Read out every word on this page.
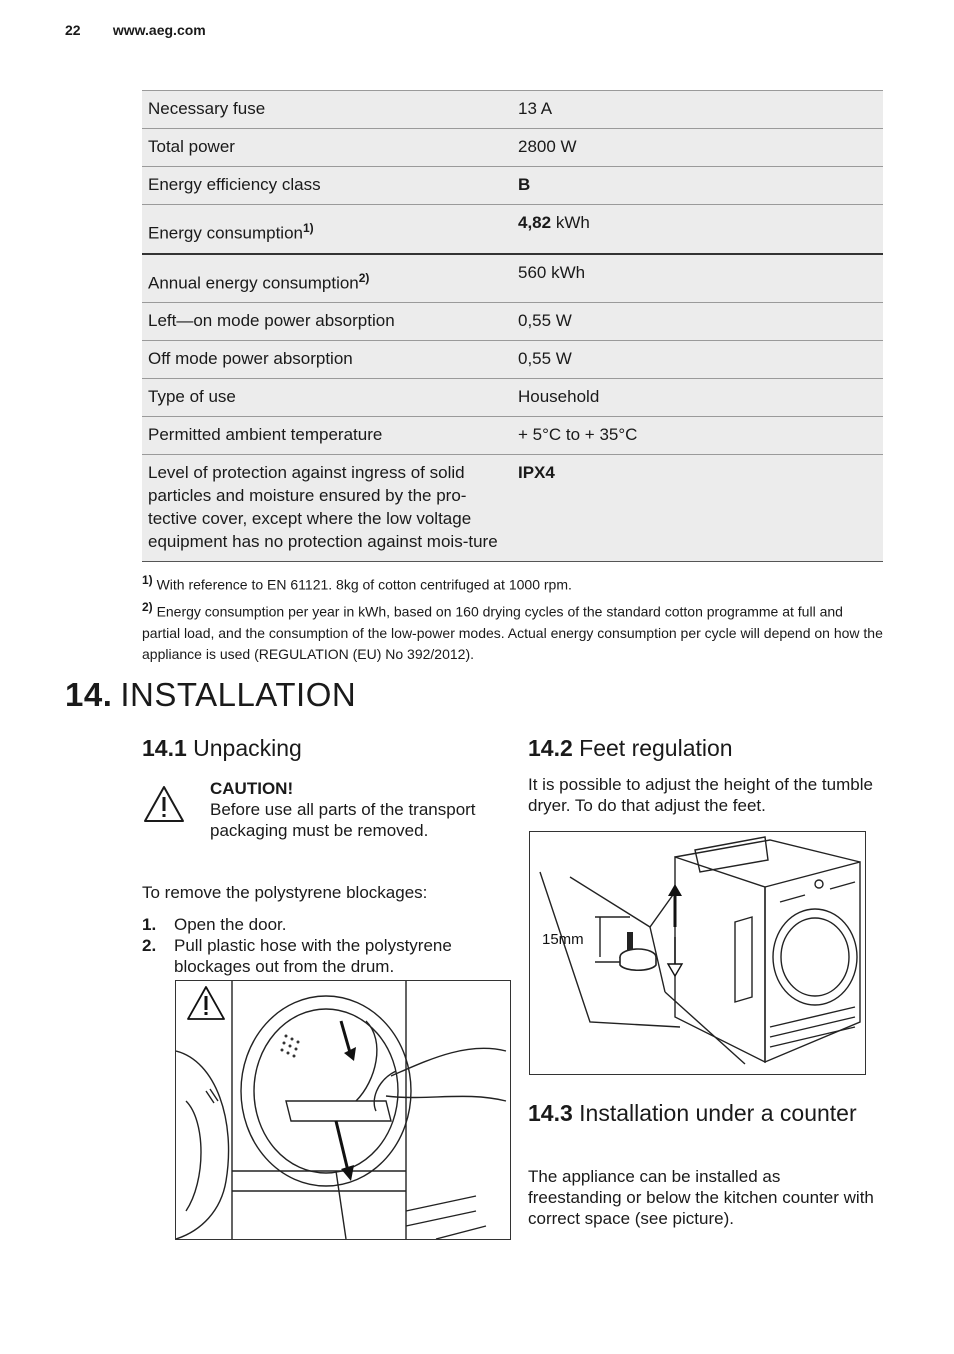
22 www.aeg.com
Necessary fuse	13 A
Total power	2800 W
Energy efficiency class	B
Energy consumption$^{1)}$	4,82 kWh
Annual energy consumption$^{2)}$	560 kWh
Left—on mode power absorption	0,55 W
Off mode power absorption	0,55 W
Type of use	Household
Permitted ambient temperature	+ 5°C to + 35°C
Level of protection against ingress of solid particles and moisture ensured by the pro-tective cover, except where the low voltage equipment has no protection against mois-ture	IPX4
$^{1)}$ With reference to EN 61121. 8kg of cotton centrifuged at 1000 rpm.
$^{2)}$ Energy consumption per year in kWh, based on 160 drying cycles of the standard cotton programme at full and partial load, and the consumption of the low-power modes. Actual energy consumption per cycle will depend on how the appliance is used (REGULATION (EU) No 392/2012).
14. INSTALLATION
14.1 Unpacking
CAUTION!
Before use all parts of the transport packaging must be removed.
To remove the polystyrene blockages:
1.	Open the door.
2.	Pull plastic hose with the polystyrene blockages out from the drum.
14.2 Feet regulation
It is possible to adjust the height of the tumble dryer. To do that adjust the feet.
15mm
14.3 Installation under a counter
The appliance can be installed as freestanding or below the kitchen counter with correct space (see picture).
